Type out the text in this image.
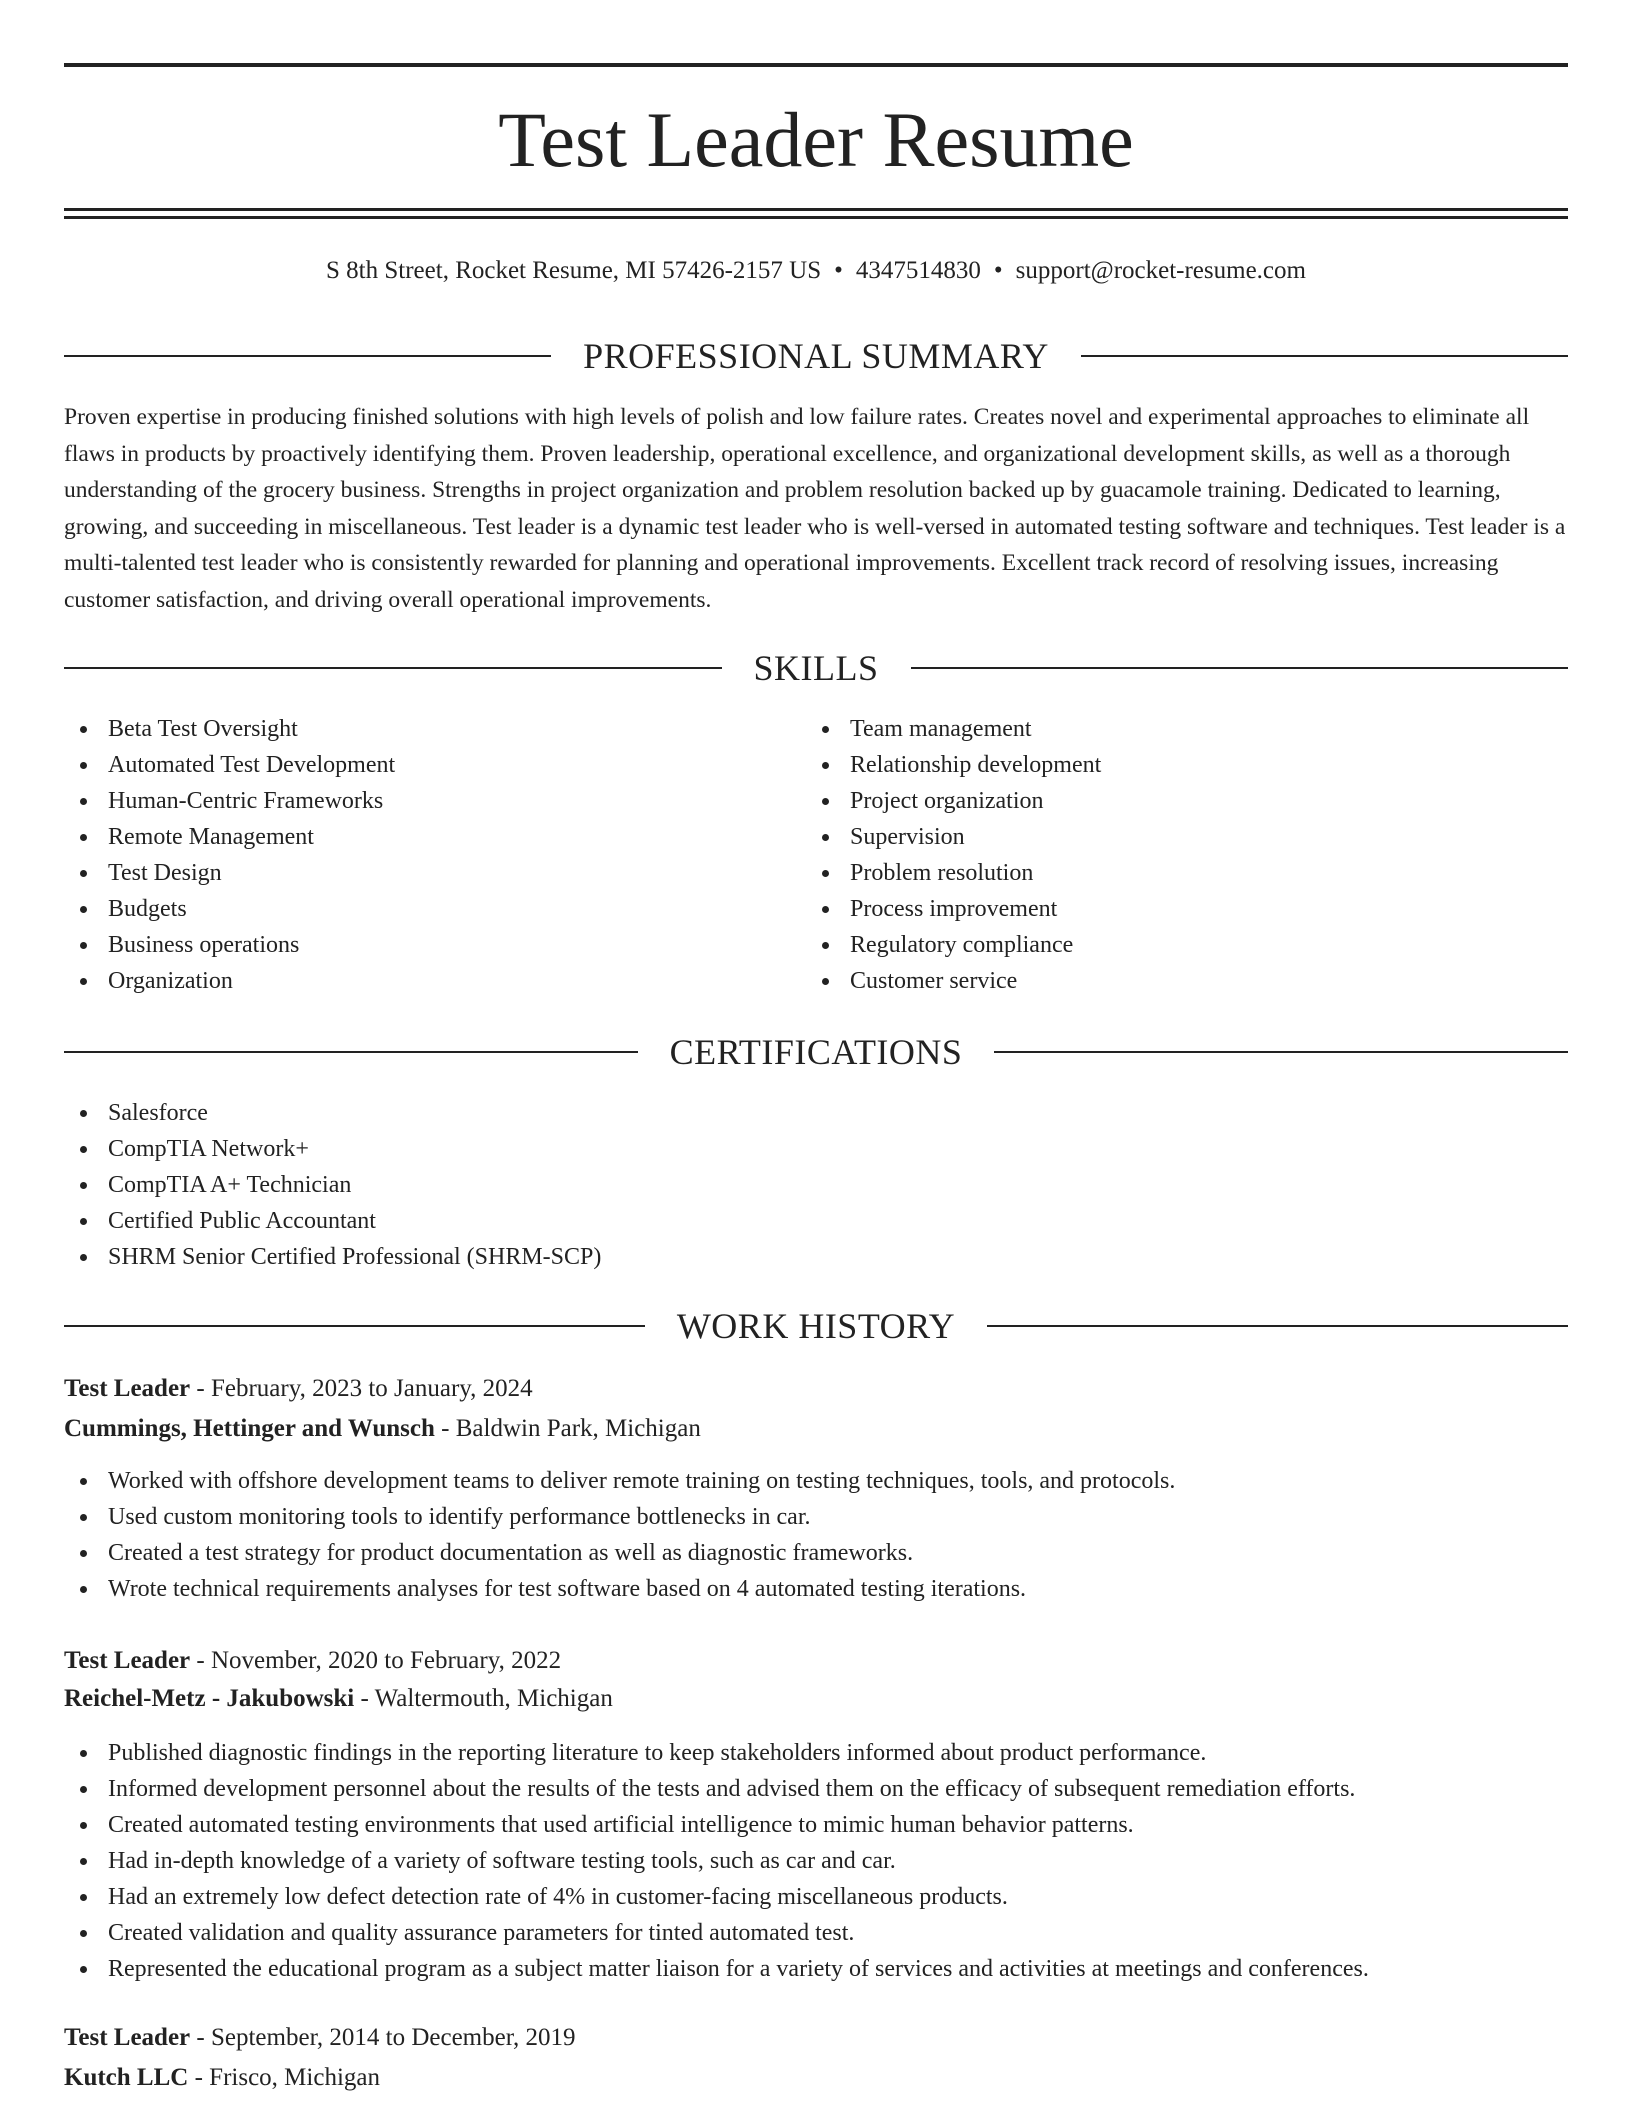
Test Leader Resume
S 8th Street, Rocket Resume, MI 57426-2157 US • 4347514830 • support@rocket-resume.com
PROFESSIONAL SUMMARY

Proven expertise in producing finished solutions with high levels of polish and low failure rates. Creates novel and experimental approaches to eliminate all flaws in products by proactively identifying them. Proven leadership, operational excellence, and organizational development skills, as well as a thorough understanding of the grocery business. Strengths in project organization and problem resolution backed up by guacamole training. Dedicated to learning, growing, and succeeding in miscellaneous. Test leader is a dynamic test leader who is well-versed in automated testing software and techniques. Test leader is a multi-talented test leader who is consistently rewarded for planning and operational improvements. Excellent track record of resolving issues, increasing customer satisfaction, and driving overall operational improvements.

SKILLS
Beta Test Oversight
Automated Test Development
Human-Centric Frameworks
Remote Management
Test Design
Budgets
Business operations
Organization
Team management
Relationship development
Project organization
Supervision
Problem resolution
Process improvement
Regulatory compliance
Customer service
CERTIFICATIONS
Salesforce
CompTIA Network+
CompTIA A+ Technician
Certified Public Accountant
SHRM Senior Certified Professional (SHRM-SCP)
WORK HISTORY
Test Leader - February, 2023 to January, 2024
Cummings, Hettinger and Wunsch - Baldwin Park, Michigan
Worked with offshore development teams to deliver remote training on testing techniques, tools, and protocols.
Used custom monitoring tools to identify performance bottlenecks in car.
Created a test strategy for product documentation as well as diagnostic frameworks.
Wrote technical requirements analyses for test software based on 4 automated testing iterations.
Test Leader - November, 2020 to February, 2022
Reichel-Metz - Jakubowski - Waltermouth, Michigan
Published diagnostic findings in the reporting literature to keep stakeholders informed about product performance.
Informed development personnel about the results of the tests and advised them on the efficacy of subsequent remediation efforts.
Created automated testing environments that used artificial intelligence to mimic human behavior patterns.
Had in-depth knowledge of a variety of software testing tools, such as car and car.
Had an extremely low defect detection rate of 4% in customer-facing miscellaneous products.
Created validation and quality assurance parameters for tinted automated test.
Represented the educational program as a subject matter liaison for a variety of services and activities at meetings and conferences.
Test Leader - September, 2014 to December, 2019
Kutch LLC - Frisco, Michigan
